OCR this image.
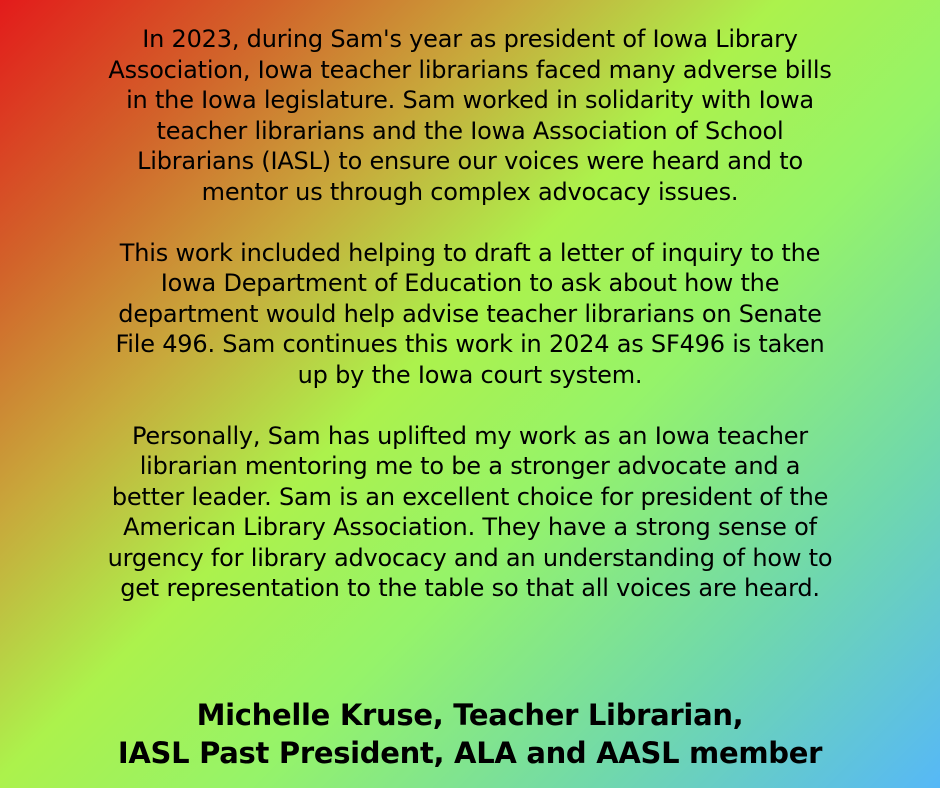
In 2023, during Sam's year as president of Iowa Library
Association, Iowa teacher librarians faced many adverse bills
in the Iowa legislature. Sam worked in solidarity with Iowa
teacher librarians and the Iowa Association of School
Librarians (IASL) to ensure our voices were heard and to
mentor us through complex advocacy issues.

This work included helping to draft a letter of inquiry to the
Iowa Department of Education to ask about how the
department would help advise teacher librarians on Senate
File 496. Sam continues this work in 2024 as SF496 is taken
up by the Iowa court system.

Personally, Sam has uplifted my work as an Iowa teacher
librarian mentoring me to be a stronger advocate and a
better leader. Sam is an excellent choice for president of the
American Library Association. They have a strong sense of
urgency for library advocacy and an understanding of how to
get representation to the table so that all voices are heard.

Michelle Kruse, Teacher Librarian,
IASL Past President, ALA and AASL member
